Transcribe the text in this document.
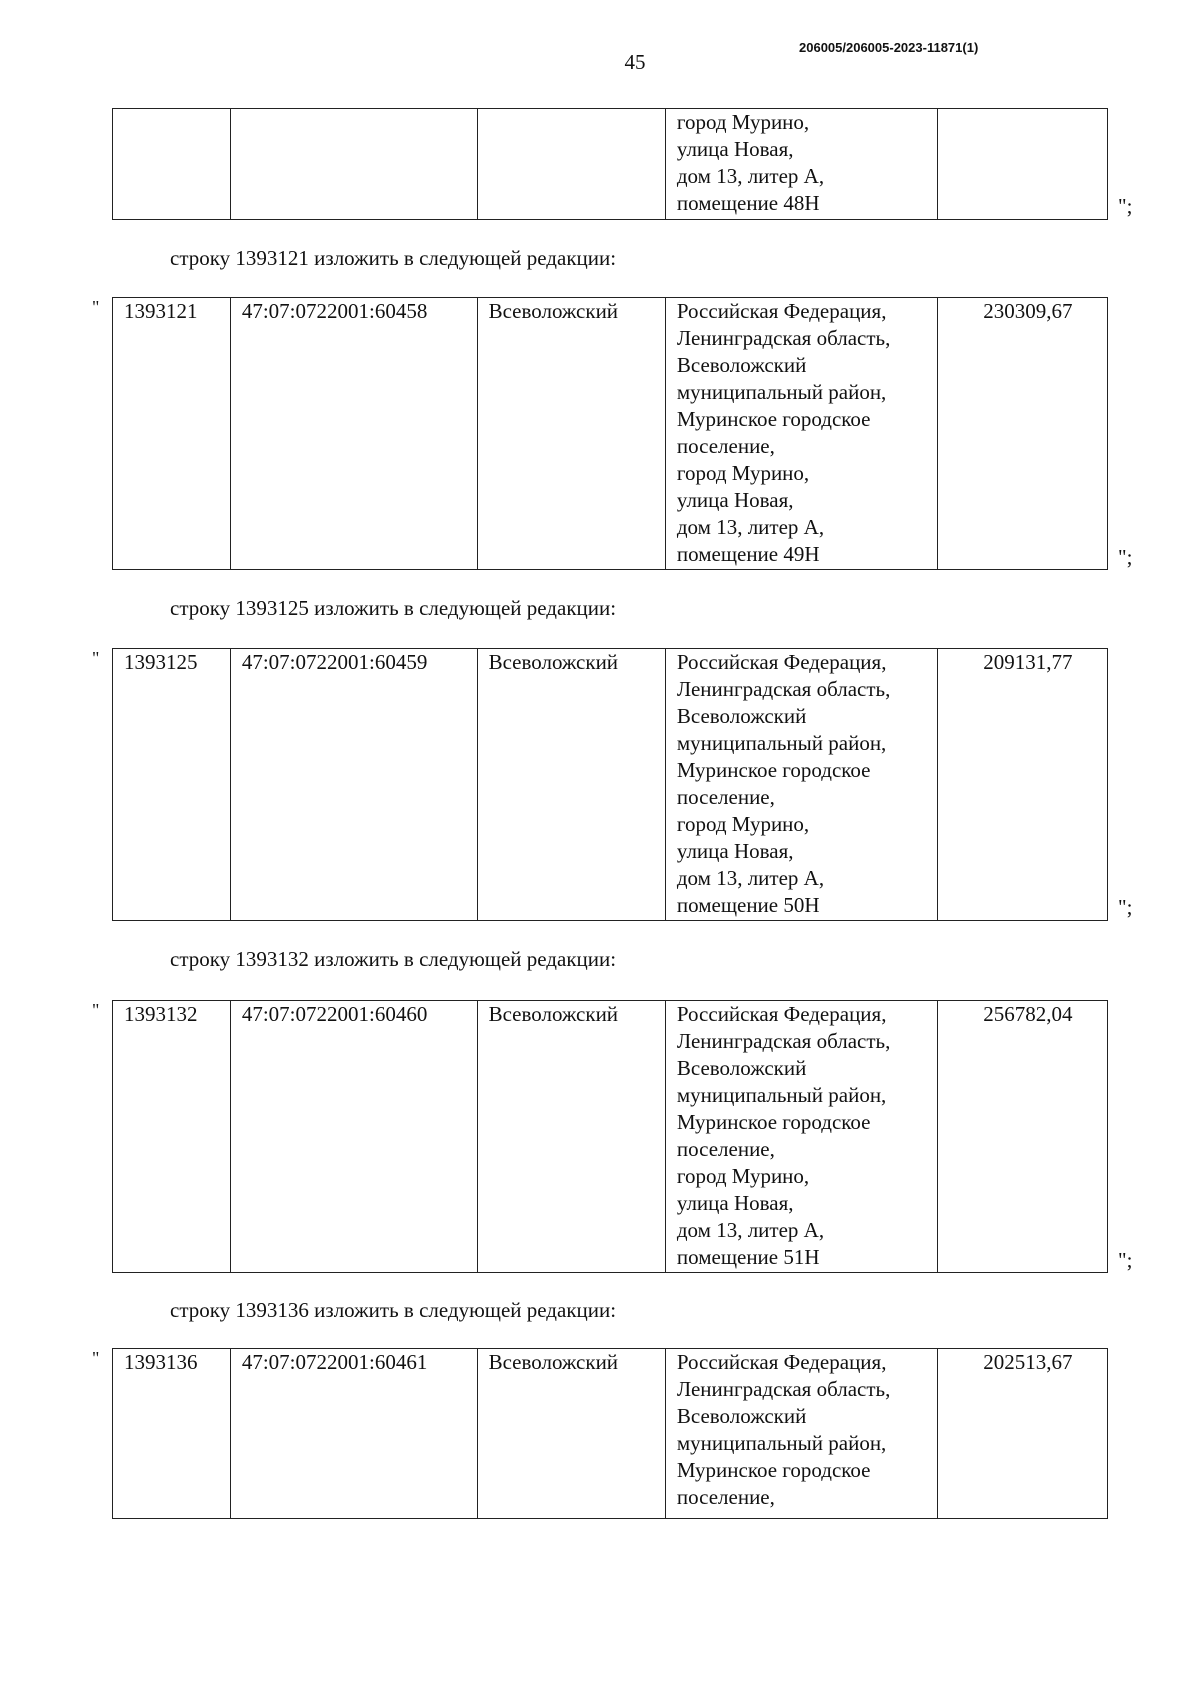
45
206005/206005-2023-11871(1)
			город Мурино,
улица Новая,
дом 13, литер А,
помещение 48Н		";
строку 1393121 изложить в следующей редакции:
" 1393121	47:07:0722001:60458	Всеволожский	Российская Федерация,
Ленинградская область,
Всеволожский
муниципальный район,
Муринское городское
поселение,
город Мурино,
улица Новая,
дом 13, литер А,
помещение 49Н	230309,67
";
строку 1393125 изложить в следующей редакции:
" 1393125	47:07:0722001:60459	Всеволожский	Российская Федерация,
Ленинградская область,
Всеволожский
муниципальный район,
Муринское городское
поселение,
город Мурино,
улица Новая,
дом 13, литер А,
помещение 50Н	209131,77
";
строку 1393132 изложить в следующей редакции:
" 1393132	47:07:0722001:60460	Всеволожский	Российская Федерация,
Ленинградская область,
Всеволожский
муниципальный район,
Муринское городское
поселение,
город Мурино,
улица Новая,
дом 13, литер А,
помещение 51Н	256782,04
";
строку 1393136 изложить в следующей редакции:
" 1393136	47:07:0722001:60461	Всеволожский	Российская Федерация,
Ленинградская область,
Всеволожский
муниципальный район,
Муринское городское
поселение,	202513,67
